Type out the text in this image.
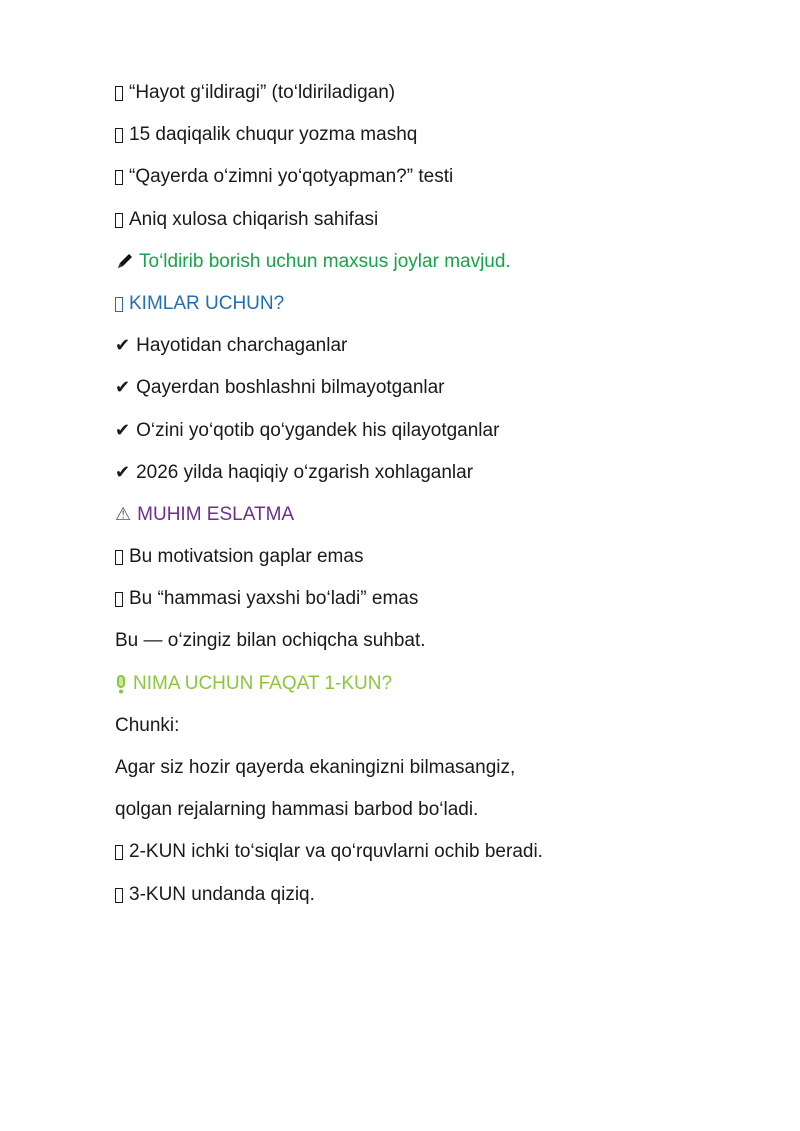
“Hayot g‘ildiragi” (to‘ldiriladigan)
15 daqiqalik chuqur yozma mashq
“Qayerda o‘zimni yo‘qotyapman?” testi
Aniq xulosa chiqarish sahifasi
To‘ldirib borish uchun maxsus joylar mavjud.
KIMLAR UCHUN?
✔ Hayotidan charchaganlar
✔ Qayerdan boshlashni bilmayotganlar
✔ O‘zini yo‘qotib qo‘ygandek his qilayotganlar
✔ 2026 yilda haqiqiy o‘zgarish xohlaganlar
⚠ MUHIM ESLATMA
Bu motivatsion gaplar emas
Bu “hammasi yaxshi bo‘ladi” emas
Bu — o‘zingiz bilan ochiqcha suhbat.
NIMA UCHUN FAQAT 1-KUN?
Chunki:
Agar siz hozir qayerda ekaningizni bilmasangiz,
qolgan rejalarning hammasi barbod bo‘ladi.
2-KUN ichki to‘siqlar va qo‘rquvlarni ochib beradi.
3-KUN undanda qiziq.
